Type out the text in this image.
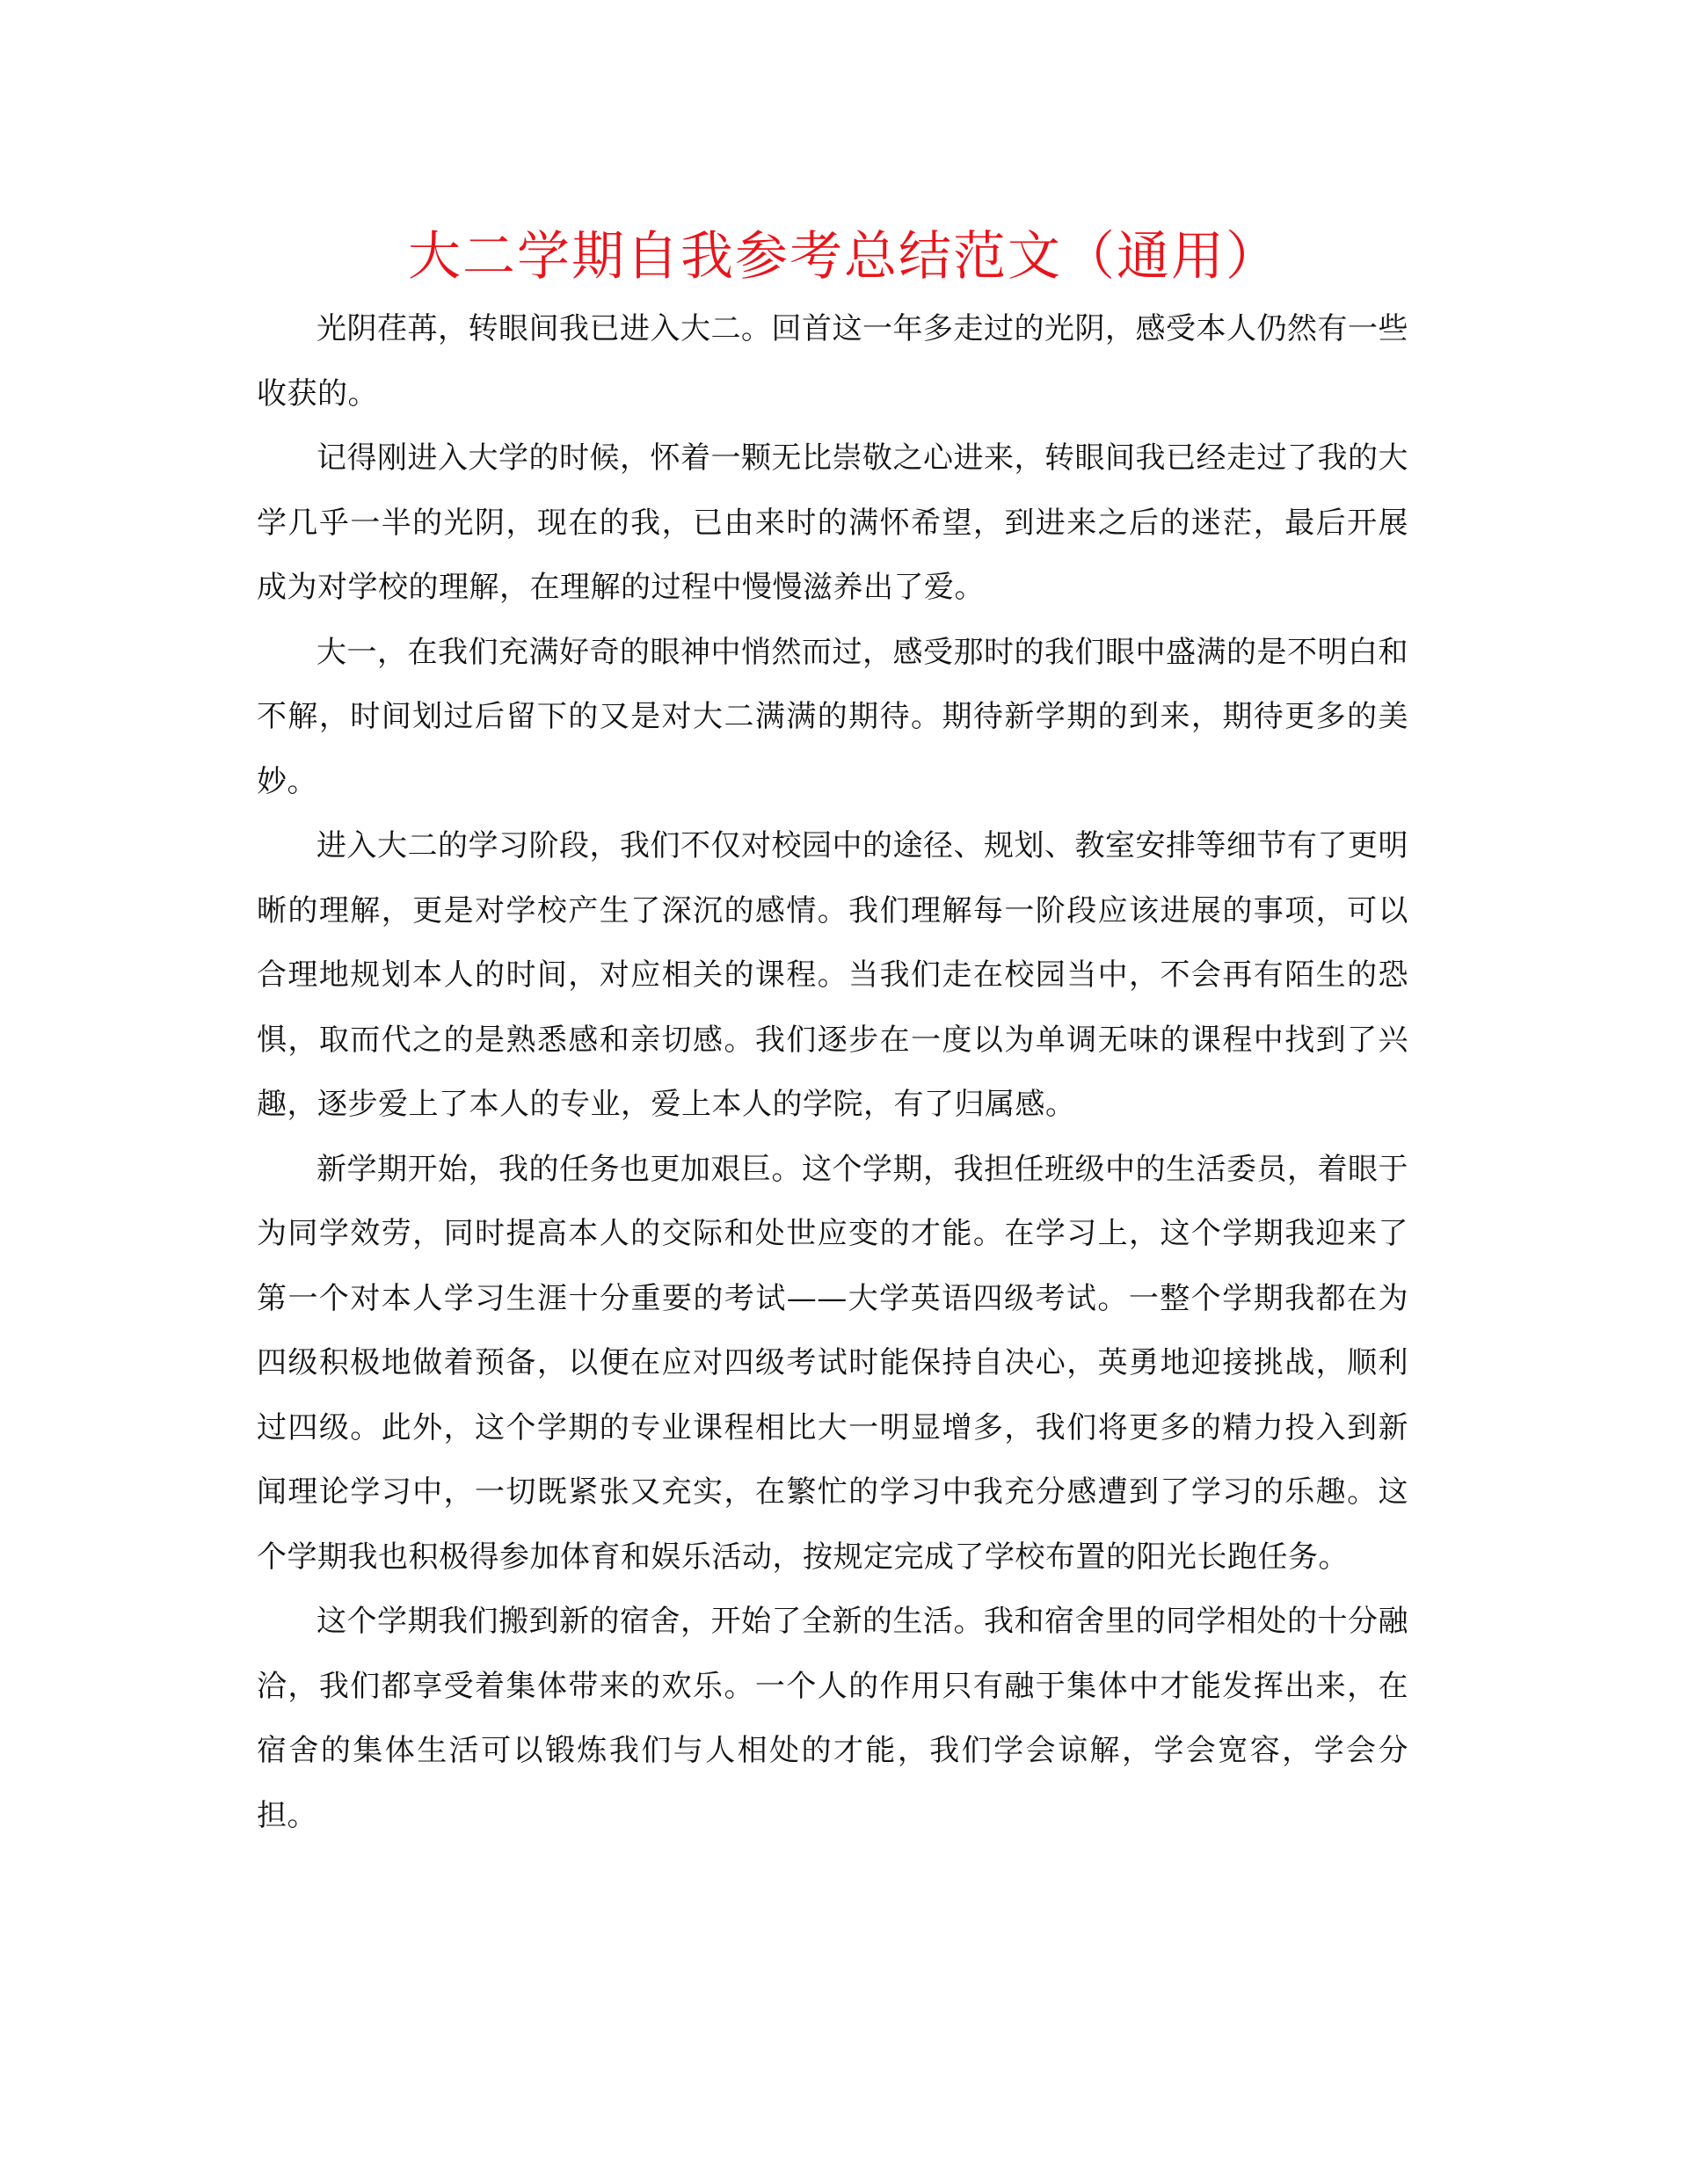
大二学期自我参考总结范文（通用）

光阴荏苒，转眼间我已进入大二。回首这一年多走过的光阴，感受本人仍然有一些收获的。

记得刚进入大学的时候，怀着一颗无比崇敬之心进来，转眼间我已经走过了我的大学几乎一半的光阴，现在的我，已由来时的满怀希望，到进来之后的迷茫，最后开展成为对学校的理解，在理解的过程中慢慢滋养出了爱。

大一，在我们充满好奇的眼神中悄然而过，感受那时的我们眼中盛满的是不明白和不解，时间划过后留下的又是对大二满满的期待。期待新学期的到来，期待更多的美妙。

进入大二的学习阶段，我们不仅对校园中的途径、规划、教室安排等细节有了更明晰的理解，更是对学校产生了深沉的感情。我们理解每一阶段应该进展的事项，可以合理地规划本人的时间，对应相关的课程。当我们走在校园当中，不会再有陌生的恐惧，取而代之的是熟悉感和亲切感。我们逐步在一度以为单调无味的课程中找到了兴趣，逐步爱上了本人的专业，爱上本人的学院，有了归属感。

新学期开始，我的任务也更加艰巨。这个学期，我担任班级中的生活委员，着眼于为同学效劳，同时提高本人的交际和处世应变的才能。在学习上，这个学期我迎来了第一个对本人学习生涯十分重要的考试——大学英语四级考试。一整个学期我都在为四级积极地做着预备，以便在应对四级考试时能保持自决心，英勇地迎接挑战，顺利过四级。此外，这个学期的专业课程相比大一明显增多，我们将更多的精力投入到新闻理论学习中，一切既紧张又充实，在繁忙的学习中我充分感遭到了学习的乐趣。这个学期我也积极得参加体育和娱乐活动，按规定完成了学校布置的阳光长跑任务。

这个学期我们搬到新的宿舍，开始了全新的生活。我和宿舍里的同学相处的十分融洽，我们都享受着集体带来的欢乐。一个人的作用只有融于集体中才能发挥出来，在宿舍的集体生活可以锻炼我们与人相处的才能，我们学会谅解，学会宽容，学会分担。
